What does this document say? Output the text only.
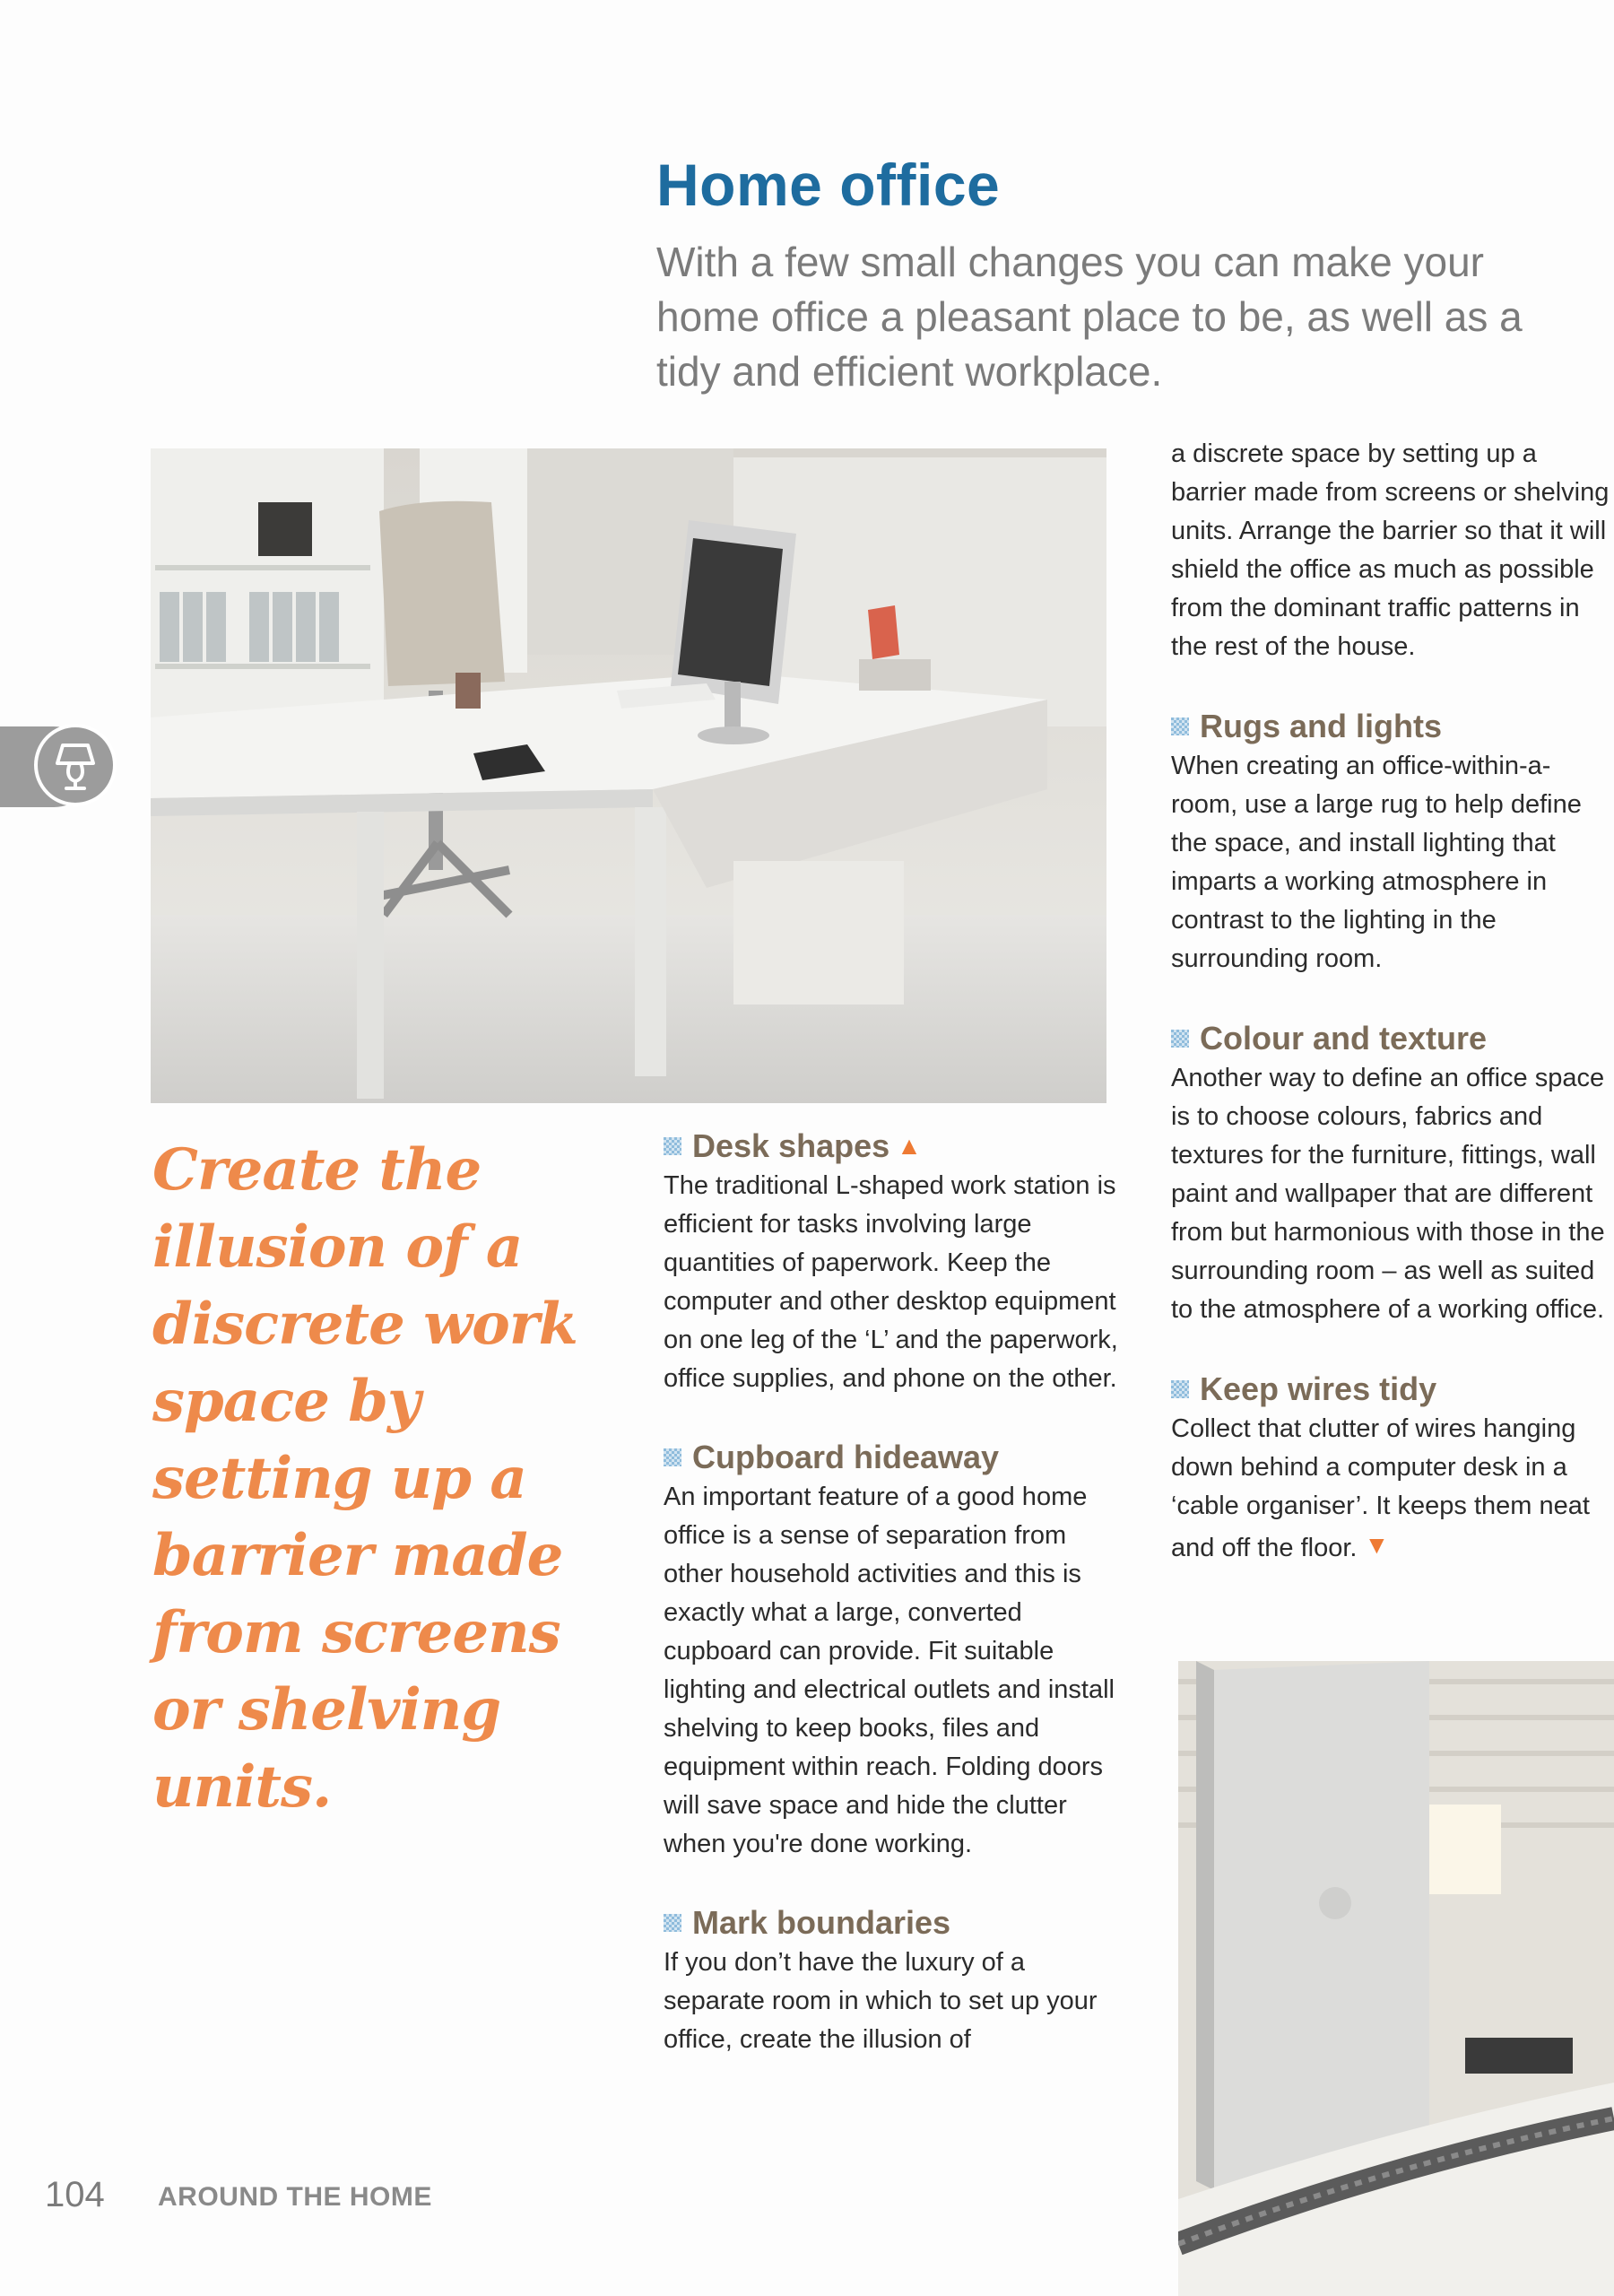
Home office

With a few small changes you can make your home office a pleasant place to be, as well as a tidy and efficient workplace.

Create the illusion of a discrete work space by setting up a barrier made from screens or shelving units.

Desk shapes ▲

The traditional L-shaped work station is efficient for tasks involving large quantities of paperwork. Keep the computer and other desktop equipment on one leg of the ‘L’ and the paperwork, office supplies, and phone on the other.

Cupboard hideaway

An important feature of a good home office is a sense of separation from other household activities and this is exactly what a large, converted cupboard can provide. Fit suitable lighting and electrical outlets and install shelving to keep books, files and equipment within reach. Folding doors will save space and hide the clutter when you're done working.

Mark boundaries

If you don’t have the luxury of a separate room in which to set up your office, create the illusion of

a discrete space by setting up a barrier made from screens or shelving units. Arrange the barrier so that it will shield the office as much as possible from the dominant traffic patterns in the rest of the house.

Rugs and lights

When creating an office-within-a-room, use a large rug to help define the space, and install lighting that imparts a working atmosphere in contrast to the lighting in the surrounding room.

Colour and texture

Another way to define an office space is to choose colours, fabrics and textures for the furniture, fittings, wall paint and wallpaper that are different from but harmonious with those in the surrounding room – as well as suited to the atmosphere of a working office.

Keep wires tidy

Collect that clutter of wires hanging down behind a computer desk in a ‘cable organiser’. It keeps them neat and off the floor. ▼

104 AROUND THE HOME
